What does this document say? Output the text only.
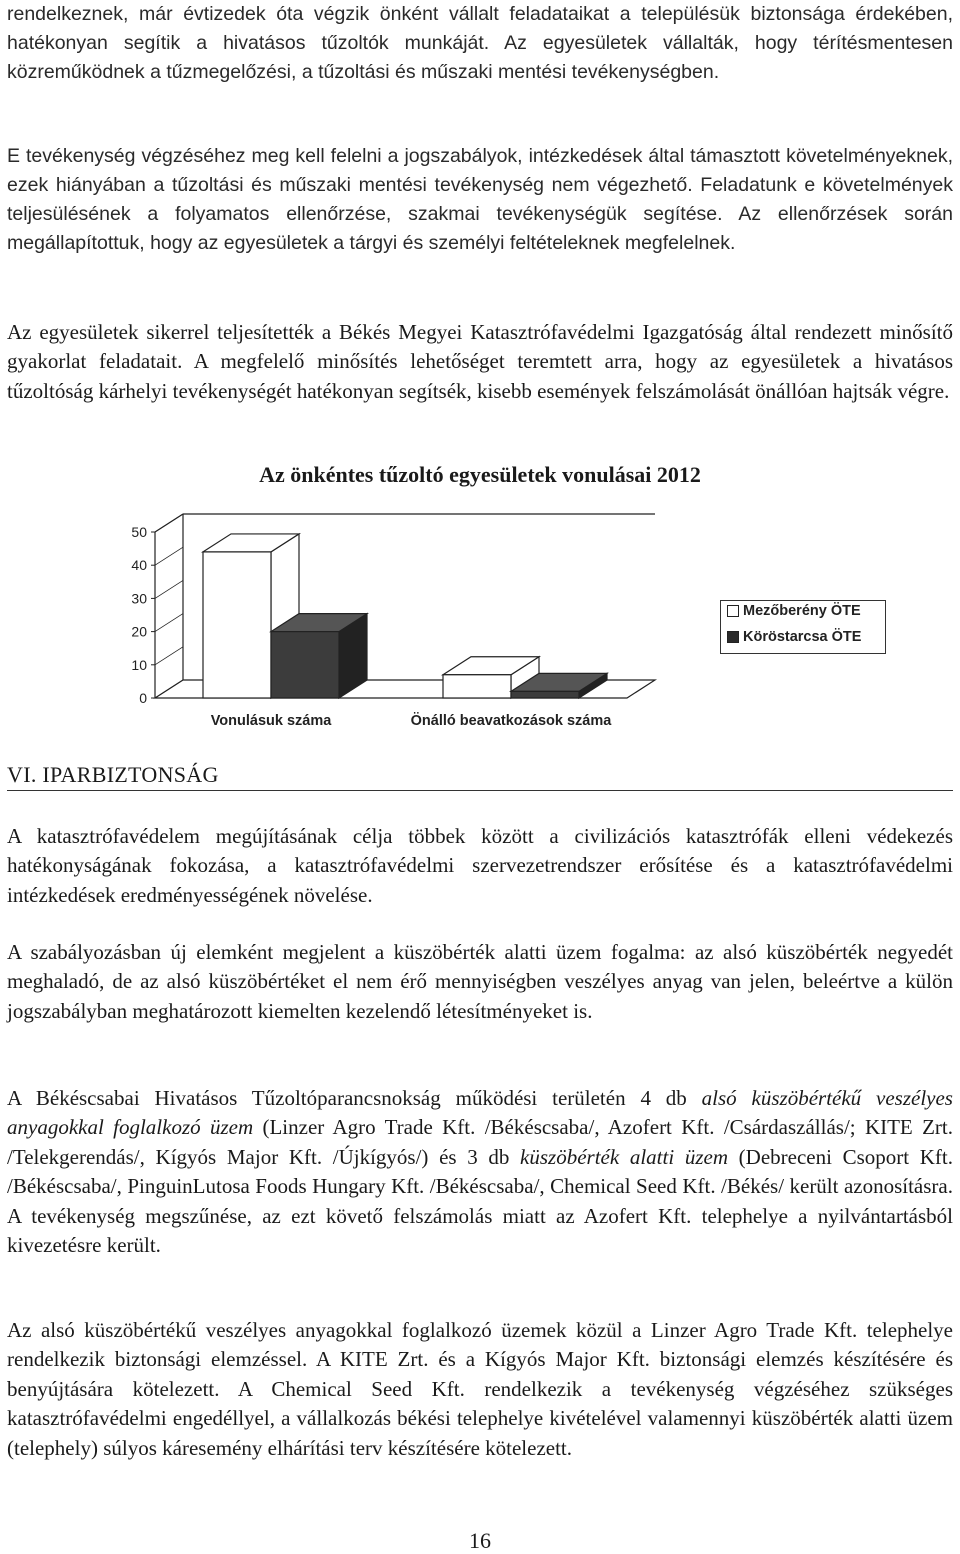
rendelkeznek, már évtizedek óta végzik önként vállalt feladataikat a településük biztonsága érdekében, hatékonyan segítik a hivatásos tűzoltók munkáját. Az egyesületek vállalták, hogy térítésmentesen közreműködnek a tűzmegelőzési, a tűzoltási és műszaki mentési tevékenységben.

E tevékenység végzéséhez meg kell felelni a jogszabályok, intézkedések által támasztott követelményeknek, ezek hiányában a tűzoltási és műszaki mentési tevékenység nem végezhető. Feladatunk e követelmények teljesülésének a folyamatos ellenőrzése, szakmai tevékenységük segítése. Az ellenőrzések során megállapítottuk, hogy az egyesületek a tárgyi és személyi feltételeknek megfelelnek.

Az egyesületek sikerrel teljesítették a Békés Megyei Katasztrófavédelmi Igazgatóság által rendezett minősítő gyakorlat feladatait. A megfelelő minősítés lehetőséget teremtett arra, hogy az egyesületek a hivatásos tűzoltóság kárhelyi tevékenységét hatékonyan segítsék, kisebb események felszámolását önállóan hajtsák végre.

Az önkéntes tűzoltó egyesületek vonulásai 2012
0
10
20
30
40
50
Vonulásuk száma	Önálló beavatkozások száma
Mezőberény ÖTE
Köröstarcsa ÖTE
VI. IPARBIZTONSÁG

A katasztrófavédelem megújításának célja többek között a civilizációs katasztrófák elleni védekezés hatékonyságának fokozása, a katasztrófavédelmi szervezetrendszer erősítése és a katasztrófavédelmi intézkedések eredményességének növelése.

A szabályozásban új elemként megjelent a küszöbérték alatti üzem fogalma: az alsó küszöbérték negyedét meghaladó, de az alsó küszöbértéket el nem érő mennyiségben veszélyes anyag van jelen, beleértve a külön jogszabályban meghatározott kiemelten kezelendő létesítményeket is.

A Békéscsabai Hivatásos Tűzoltóparancsnokság működési területén 4 db alsó küszöbértékű veszélyes anyagokkal foglalkozó üzem (Linzer Agro Trade Kft. /Békéscsaba/, Azofert Kft. /Csárdaszállás/; KITE Zrt. /Telekgerendás/, Kígyós Major Kft. /Újkígyós/) és 3 db küszöbérték alatti üzem (Debreceni Csoport Kft. /Békéscsaba/, PinguinLutosa Foods Hungary Kft. /Békéscsaba/, Chemical Seed Kft. /Békés/ került azonosításra. A tevékenység megszűnése, az ezt követő felszámolás miatt az Azofert Kft. telephelye a nyilvántartásból kivezetésre került.

Az alsó küszöbértékű veszélyes anyagokkal foglalkozó üzemek közül a Linzer Agro Trade Kft. telephelye rendelkezik biztonsági elemzéssel. A KITE Zrt. és a Kígyós Major Kft. biztonsági elemzés készítésére és benyújtására kötelezett. A Chemical Seed Kft. rendelkezik a tevékenység végzéséhez szükséges katasztrófavédelmi engedéllyel, a vállalkozás békési telephelye kivételével valamennyi küszöbérték alatti üzem (telephely) súlyos káresemény elhárítási terv készítésére kötelezett.

16
